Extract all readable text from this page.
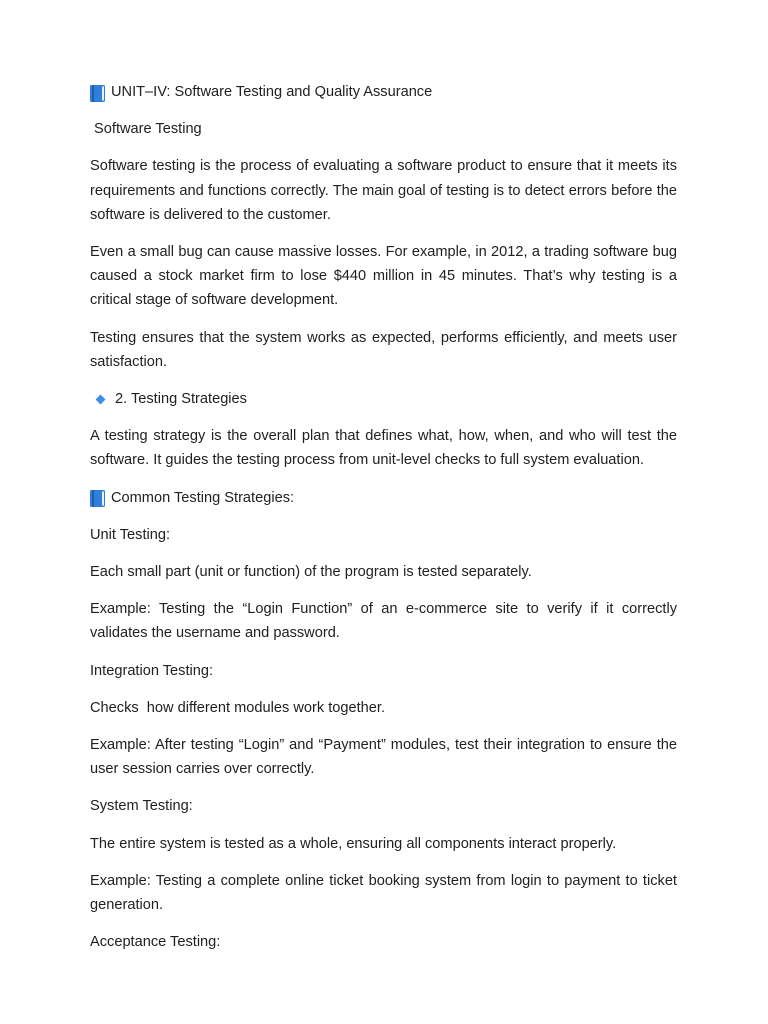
UNIT–IV: Software Testing and Quality Assurance

Software Testing

Software testing is the process of evaluating a software product to ensure that it meets its requirements and functions correctly. The main goal of testing is to detect errors before the software is delivered to the customer.

Even a small bug can cause massive losses. For example, in 2012, a trading software bug caused a stock market firm to lose $440 million in 45 minutes. That’s why testing is a critical stage of software development.

Testing ensures that the system works as expected, performs efficiently, and meets user satisfaction.

2. Testing Strategies

A testing strategy is the overall plan that defines what, how, when, and who will test the software. It guides the testing process from unit-level checks to full system evaluation.

Common Testing Strategies:

Unit Testing:

Each small part (unit or function) of the program is tested separately.

Example: Testing the “Login Function” of an e-commerce site to verify if it correctly validates the username and password.

Integration Testing:

Checks  how different modules work together.

Example: After testing “Login” and “Payment” modules, test their integration to ensure the user session carries over correctly.

System Testing:

The entire system is tested as a whole, ensuring all components interact properly.

Example: Testing a complete online ticket booking system from login to payment to ticket generation.

Acceptance Testing:
